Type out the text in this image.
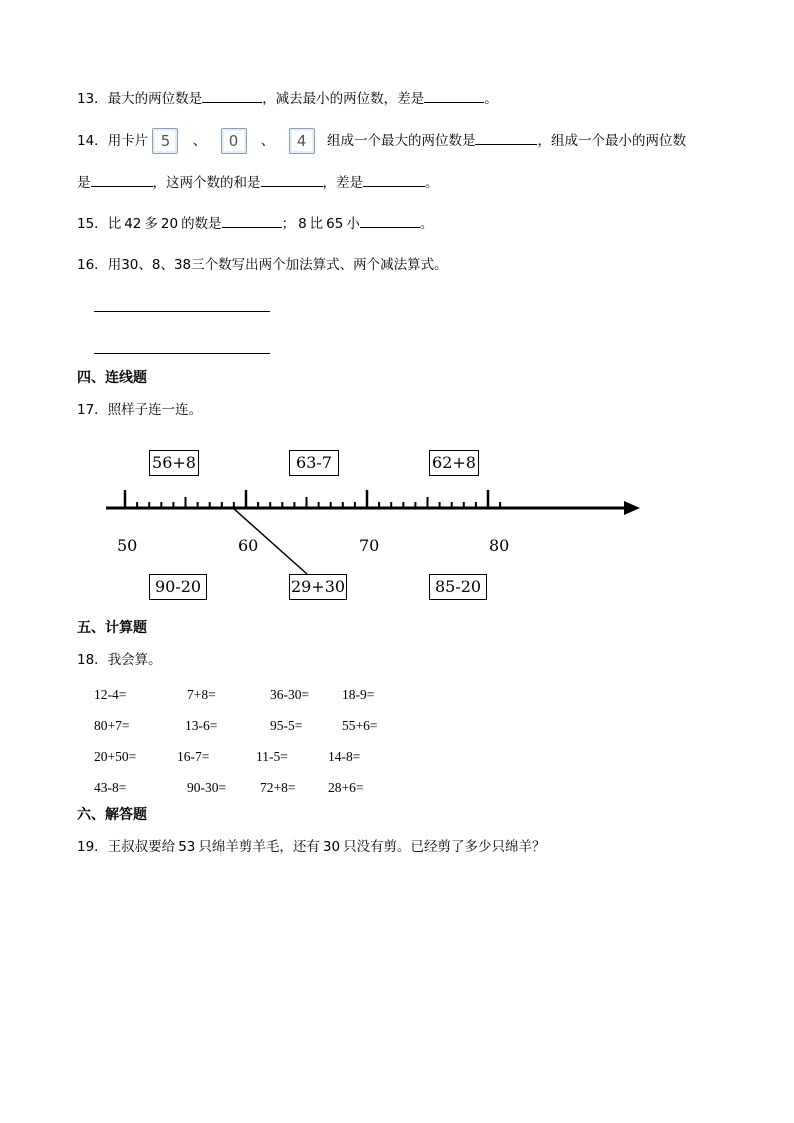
13．最大的两位数是	，减去最小的两位数，差是	。
14．用卡片 5 、 0 、 4 组成一个最大的两位数是	，组成一个最小的两位数
是	，这两个数的和是	，差是	。
15．比 42 多 20 的数是	； 8 比 65 小	。
16．用30、8、38三个数写出两个加法算式、两个减法算式。
四、连线题
17．照样子连一连。
56+8	63-7	62+8
50	60	70	80
90-20	29+30	85-20
五、计算题
18．我会算。
12-4=	7+8=	36-30= 18-9=
80+7=	13-6=	95-5=	55+6=
20+50=	16-7=	11-5=	14-8=
43-8=	90-30=	72+8= 28+6=
六、解答题
19．王叔叔要给 53 只绵羊剪羊毛，还有 30 只没有剪。已经剪了多少只绵羊？
